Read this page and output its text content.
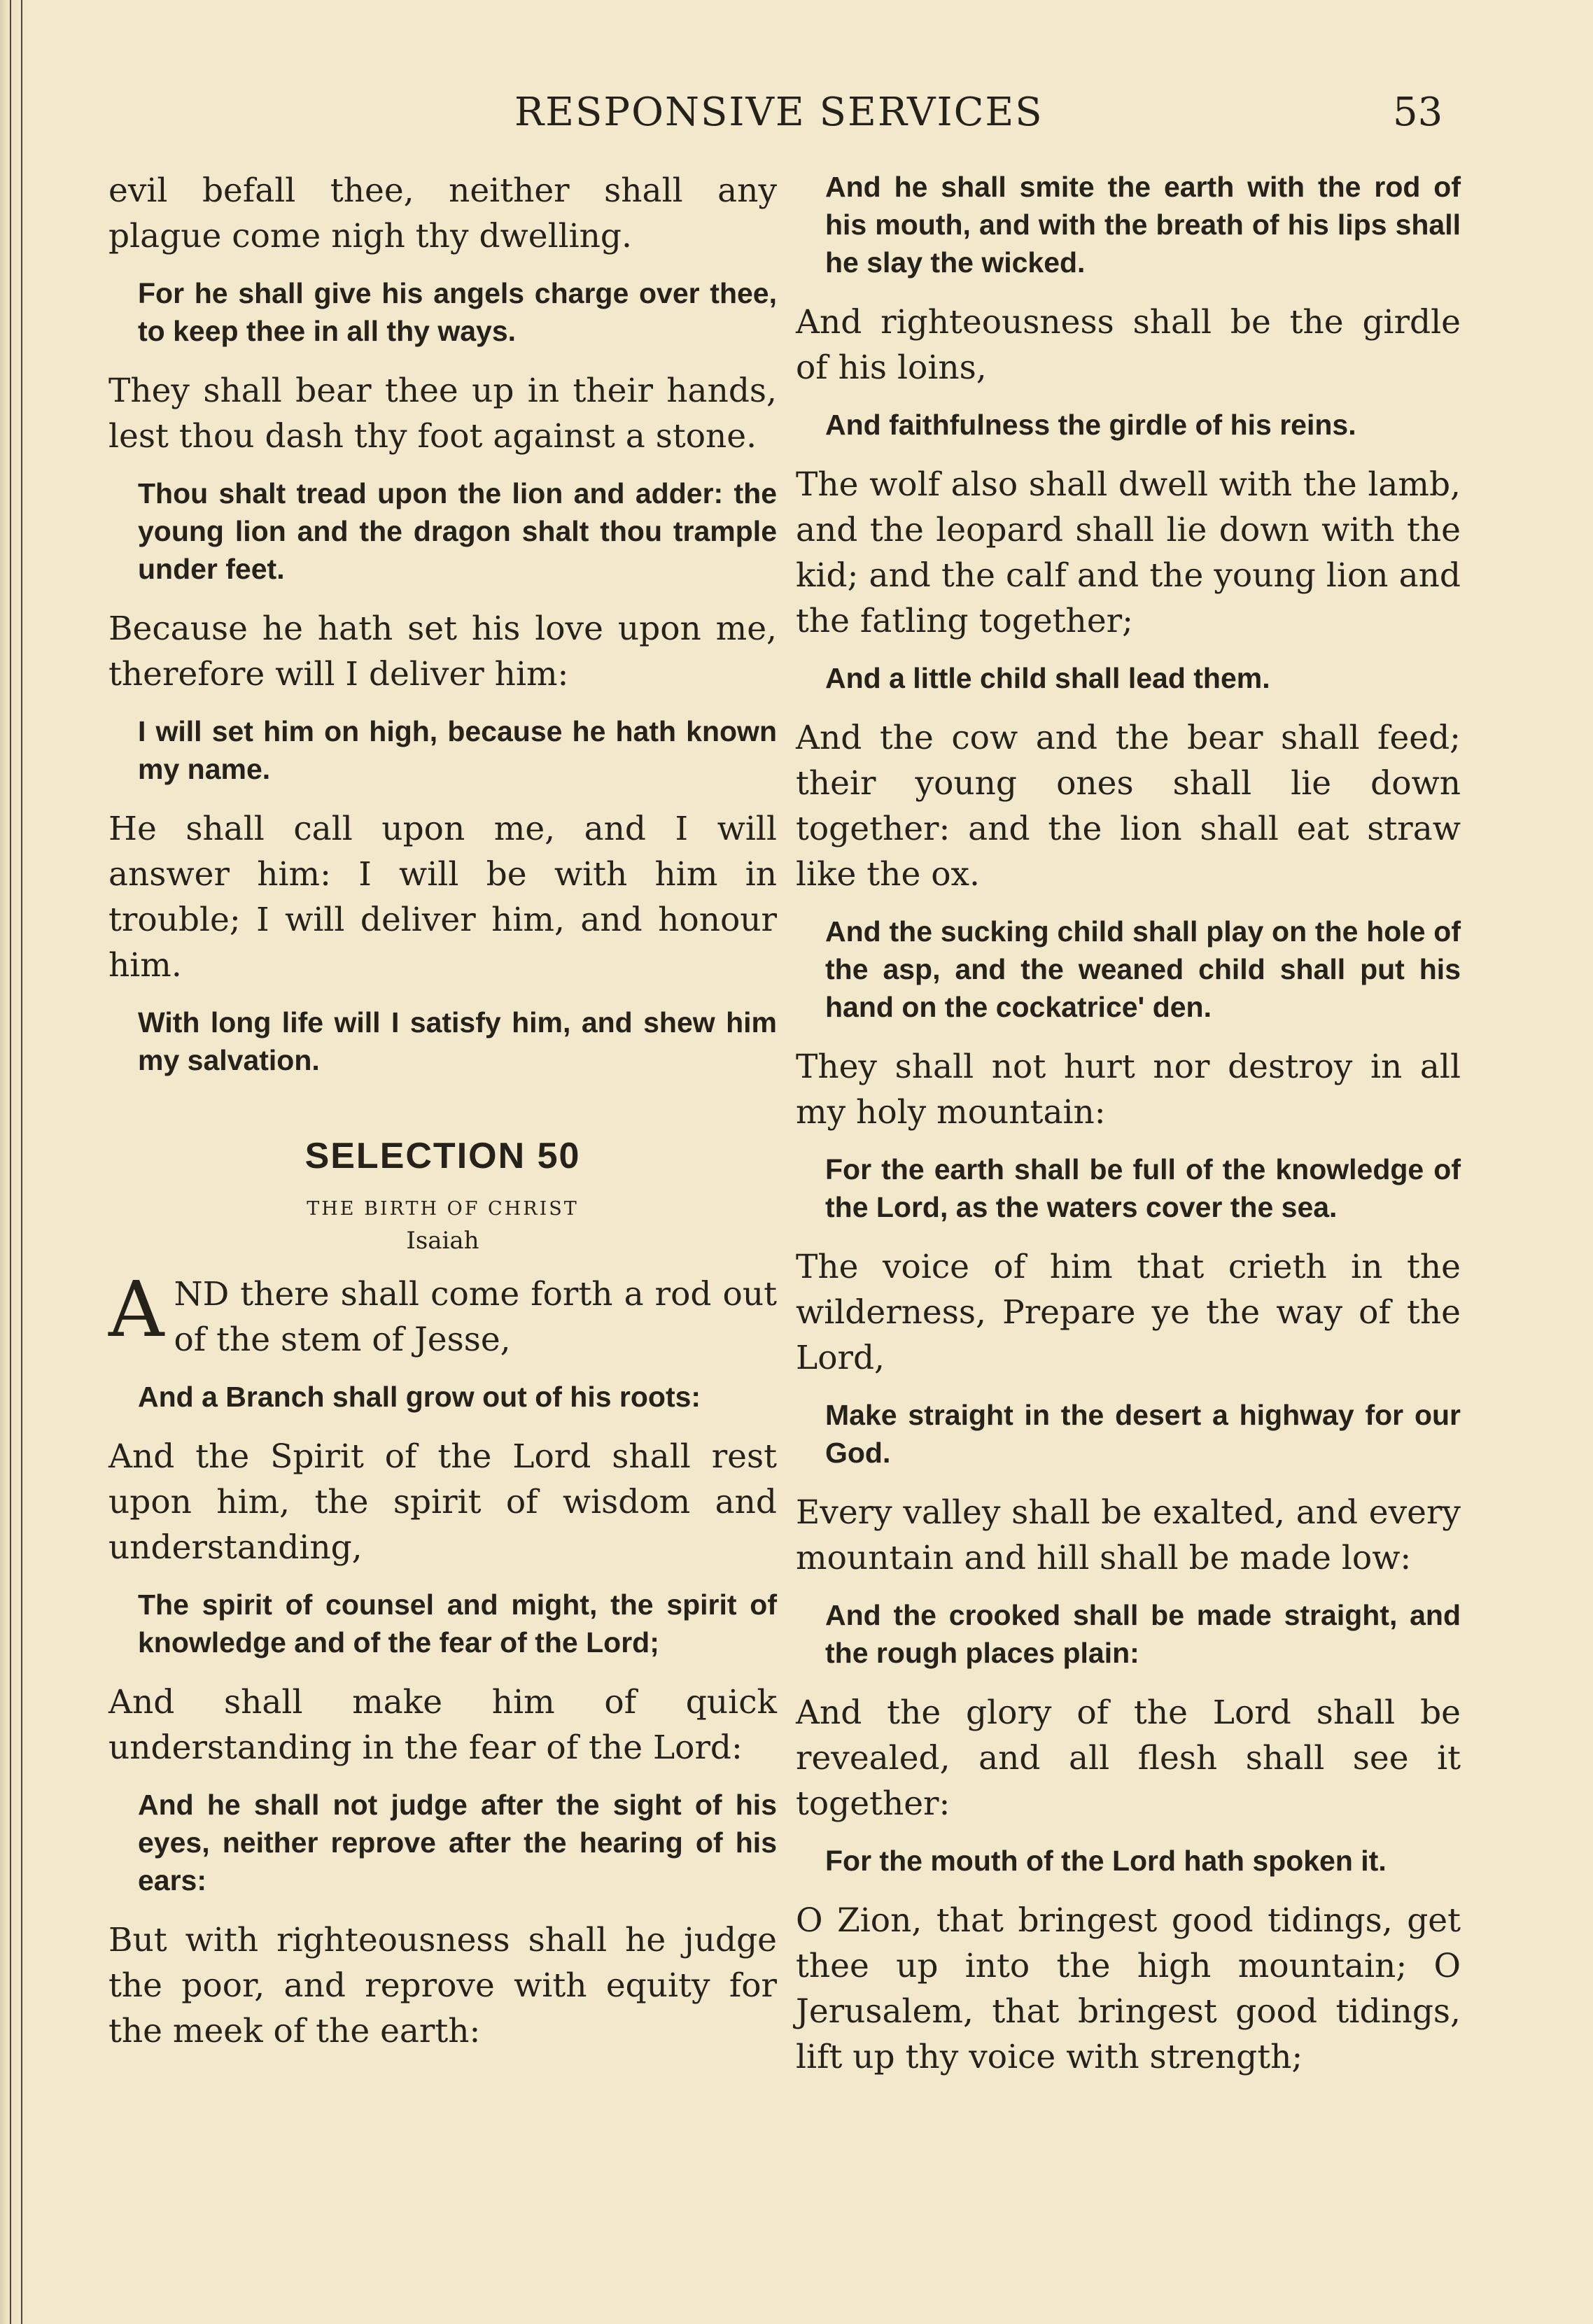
RESPONSIVE SERVICES	53

evil befall thee, neither shall any plague come nigh thy dwelling.

For he shall give his angels charge over thee, to keep thee in all thy ways.

They shall bear thee up in their hands, lest thou dash thy foot against a stone.

Thou shalt tread upon the lion and adder: the young lion and the dragon shalt thou trample under feet.

Because he hath set his love upon me, therefore will I deliver him:

I will set him on high, because he hath known my name.

He shall call upon me, and I will answer him: I will be with him in trouble; I will deliver him, and honour him.

With long life will I satisfy him, and shew him my salvation.

SELECTION 50
THE BIRTH OF CHRIST
Isaiah

AND there shall come forth a rod out of the stem of Jesse,

And a Branch shall grow out of his roots:

And the Spirit of the Lord shall rest upon him, the spirit of wisdom and understanding,

The spirit of counsel and might, the spirit of knowledge and of the fear of the Lord;

And shall make him of quick understanding in the fear of the Lord:

And he shall not judge after the sight of his eyes, neither reprove after the hearing of his ears:

But with righteousness shall he judge the poor, and reprove with equity for the meek of the earth:

And he shall smite the earth with the rod of his mouth, and with the breath of his lips shall he slay the wicked.

And righteousness shall be the girdle of his loins,

And faithfulness the girdle of his reins.

The wolf also shall dwell with the lamb, and the leopard shall lie down with the kid; and the calf and the young lion and the fatling together;

And a little child shall lead them.

And the cow and the bear shall feed; their young ones shall lie down together: and the lion shall eat straw like the ox.

And the sucking child shall play on the hole of the asp, and the weaned child shall put his hand on the cockatrice' den.

They shall not hurt nor destroy in all my holy mountain:

For the earth shall be full of the knowledge of the Lord, as the waters cover the sea.

The voice of him that crieth in the wilderness, Prepare ye the way of the Lord,

Make straight in the desert a highway for our God.

Every valley shall be exalted, and every mountain and hill shall be made low:

And the crooked shall be made straight, and the rough places plain:

And the glory of the Lord shall be revealed, and all flesh shall see it together:

For the mouth of the Lord hath spoken it.

O Zion, that bringest good tidings, get thee up into the high mountain; O Jerusalem, that bringest good tidings, lift up thy voice with strength;
